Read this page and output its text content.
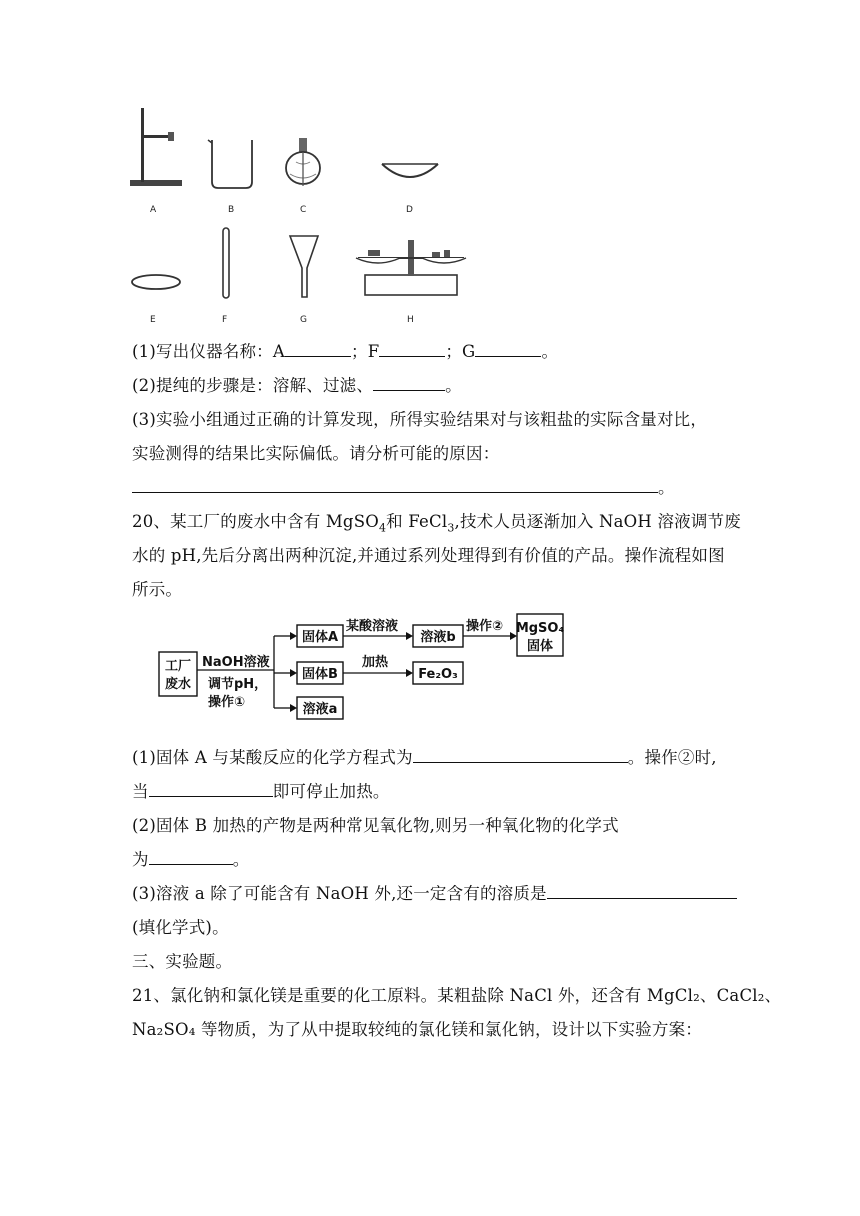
A	B	C	D
E	F	G	H
(1)写出仪器名称：A	；F	；G	。
(2)提纯的步骤是：溶解、过滤、	。
(3)实验小组通过正确的计算发现，所得实验结果对与该粗盐的实际含量对比，
实验测得的结果比实际偏低。请分析可能的原因：
。
20、某工厂的废水中含有 MgSO$_4$和 FeCl$_3$,技术人员逐渐加入 NaOH 溶液调节废
水的 pH,先后分离出两种沉淀,并通过系列处理得到有价值的产品。操作流程如图
所示。
工厂
废水
NaOH溶液
调节pH，
操作①
固体A
固体B
溶液a
某酸溶液
溶液b
操作② MgSO₄
固体
加热
Fe₂O₃
(1)固体 A 与某酸反应的化学方程式为	。操作②时,
当	即可停止加热。
(2)固体 B 加热的产物是两种常见氧化物,则另一种氧化物的化学式
为	。
(3)溶液 a 除了可能含有 NaOH 外,还一定含有的溶质是
(填化学式)。
三、实验题。
21、氯化钠和氯化镁是重要的化工原料。某粗盐除 NaCl 外，还含有 MgCl₂、CaCl₂、
Na₂SO₄ 等物质，为了从中提取较纯的氯化镁和氯化钠，设计以下实验方案：
